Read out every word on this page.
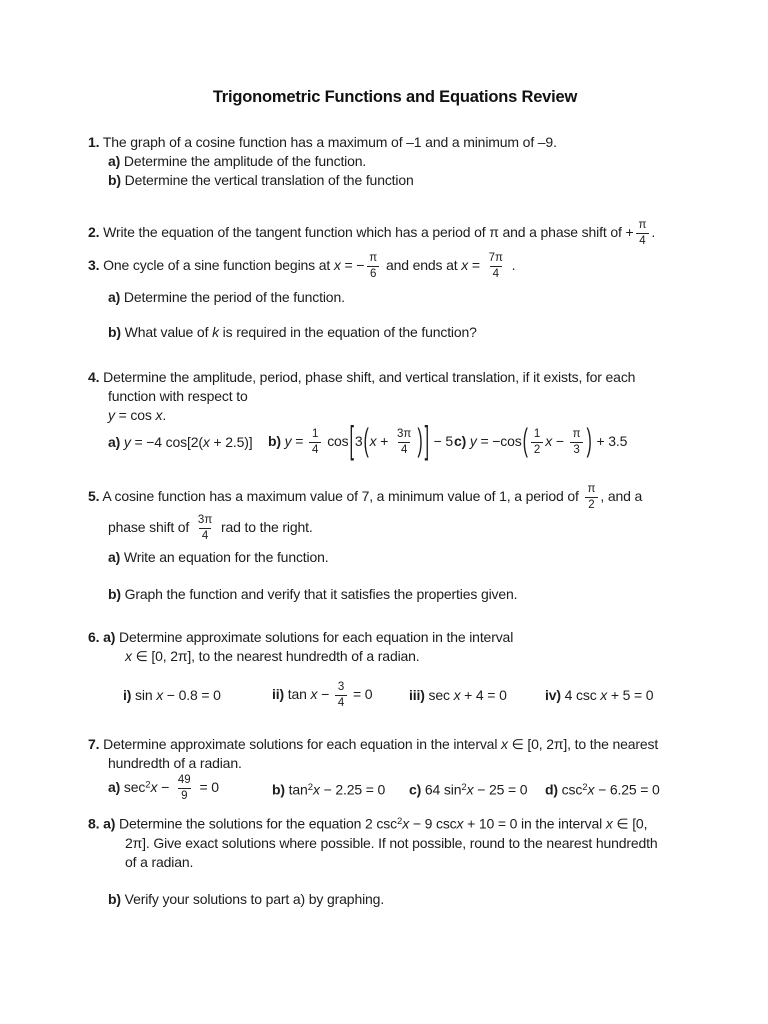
Trigonometric Functions and Equations Review
1. The graph of a cosine function has a maximum of –1 and a minimum of –9.
a) Determine the amplitude of the function.
b) Determine the vertical translation of the function
2. Write the equation of the tangent function which has a period of π and a phase shift of + $\frac{\pi}{4}$ .
3. One cycle of a sine function begins at x = − $\frac{\pi}{6}$ and ends at $x = \frac{7\pi}{4}$ .
a) Determine the period of the function.
b) What value of k is required in the equation of the function?
4. Determine the amplitude, period, phase shift, and vertical translation, if it exists, for each
function with respect to
y = cos x.
a) y = −4 cos[2(x + 2.5)]	b) $y = \frac{1}{4} \cos[3(x + \frac{3\pi}{4}$ ) ] − 5 c) $y = -\cos( \frac{1}{2}$ $x - \frac{\pi}{3}$ ) + 3.5
5. A cosine function has a maximum value of 7, a minimum value of 1, a period of $\frac{\pi}{2}$ , and a
phase shift of $\frac{3\pi}{4}$ rad to the right.
a) Write an equation for the function.
b) Graph the function and verify that it satisfies the properties given.
6. a) Determine approximate solutions for each equation in the interval
x ∈ [0, 2π], to the nearest hundredth of a radian.
i) sin x − 0.8 = 0	ii) $\tan x - \frac{3}{4} = 0$	iii) sec x + 4 = 0	iv) 4 csc x + 5 = 0
7. Determine approximate solutions for each equation in the interval x ∈ [0, 2π], to the nearest
hundredth of a radian.
a) $\sec^2x - \frac{49}{9} = 0$	b) $\tan^2x - 2.25 = 0$	c) 64 $\sin^2x - 25 = 0$	d) $\csc^2x - 6.25 = 0$
8. a) Determine the solutions for the equation 2 $\csc^2x - 9$ cscx + 10 = 0 in the interval x ∈ [0,
2π]. Give exact solutions where possible. If not possible, round to the nearest hundredth
of a radian.
b) Verify your solutions to part a) by graphing.
